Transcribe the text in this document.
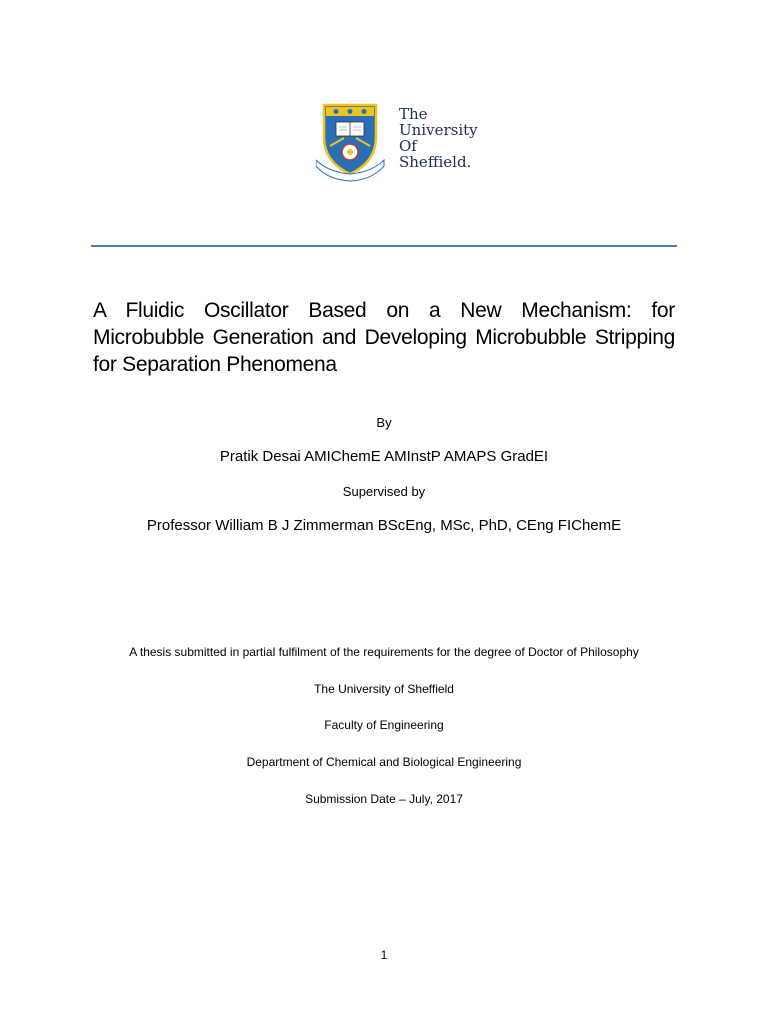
The
University
Of
Sheffield.
A Fluidic Oscillator Based on a New Mechanism: for Microbubble Generation and Developing Microbubble Stripping for Separation Phenomena
By
Pratik Desai AMIChemE AMInstP AMAPS GradEI
Supervised by
Professor William B J Zimmerman BScEng, MSc, PhD, CEng FIChemE
A thesis submitted in partial fulfilment of the requirements for the degree of Doctor of Philosophy
The University of Sheffield
Faculty of Engineering
Department of Chemical and Biological Engineering
Submission Date – July, 2017
1
